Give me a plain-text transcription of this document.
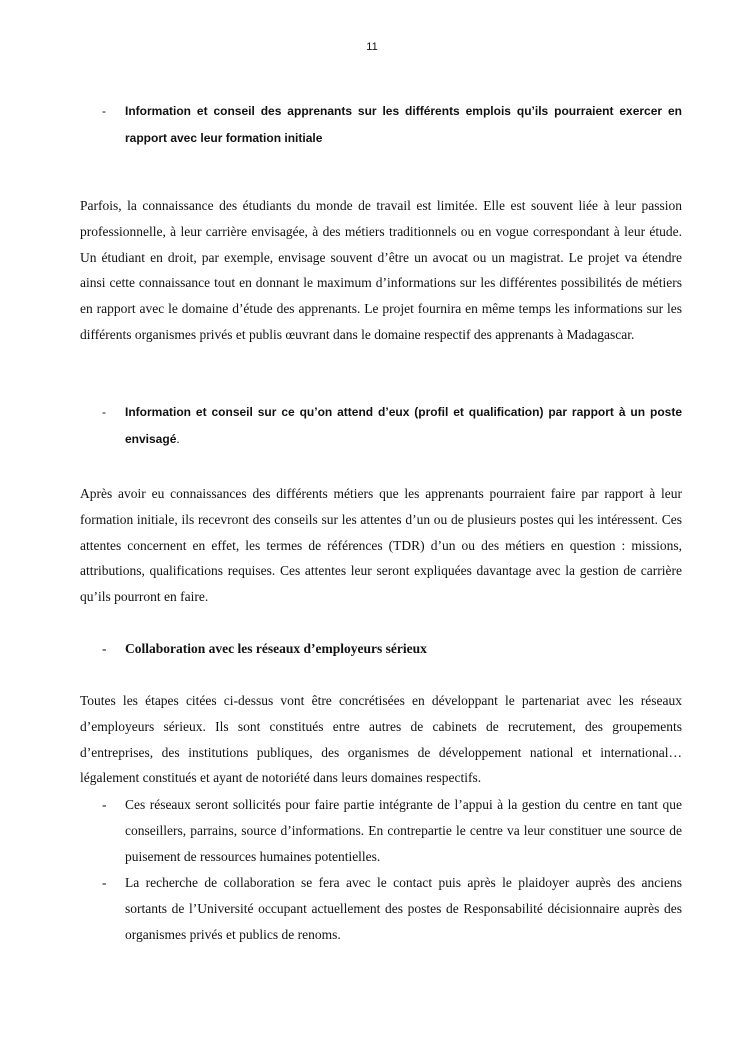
11
- Information et conseil des apprenants sur les différents emplois qu’ils pourraient exercer en rapport avec leur formation initiale

Parfois, la connaissance des étudiants du monde de travail est limitée. Elle est souvent liée à leur passion professionnelle, à leur carrière envisagée, à des métiers traditionnels ou en vogue correspondant à leur étude. Un étudiant en droit, par exemple, envisage souvent d’être un avocat ou un magistrat. Le projet va étendre ainsi cette connaissance tout en donnant le maximum d’informations sur les différentes possibilités de métiers en rapport avec le domaine d’étude des apprenants. Le projet fournira en même temps les informations sur les différents organismes privés et publis œuvrant dans le domaine respectif des apprenants à Madagascar.

- Information et conseil sur ce qu’on attend d’eux (profil et qualification) par rapport à un poste envisagé.

Après avoir eu connaissances des différents métiers que les apprenants pourraient faire par rapport à leur formation initiale, ils recevront des conseils sur les attentes d’un ou de plusieurs postes qui les intéressent. Ces attentes concernent en effet, les termes de références (TDR) d’un ou des métiers en question : missions, attributions, qualifications requises. Ces attentes leur seront expliquées davantage avec la gestion de carrière qu’ils pourront en faire.

- Collaboration avec les réseaux d’employeurs sérieux

Toutes les étapes citées ci-dessus vont être concrétisées en développant le partenariat avec les réseaux d’employeurs sérieux. Ils sont constitués entre autres de cabinets de recrutement, des groupements d’entreprises, des institutions publiques, des organismes de développement national et international… légalement constitués et ayant de notoriété dans leurs domaines respectifs.

- Ces réseaux seront sollicités pour faire partie intégrante de l’appui à la gestion du centre en tant que conseillers, parrains, source d’informations. En contrepartie le centre va leur constituer une source de puisement de ressources humaines potentielles.
- La recherche de collaboration se fera avec le contact puis après le plaidoyer auprès des anciens sortants de l’Université occupant actuellement des postes de Responsabilité décisionnaire auprès des organismes privés et publics de renoms.
